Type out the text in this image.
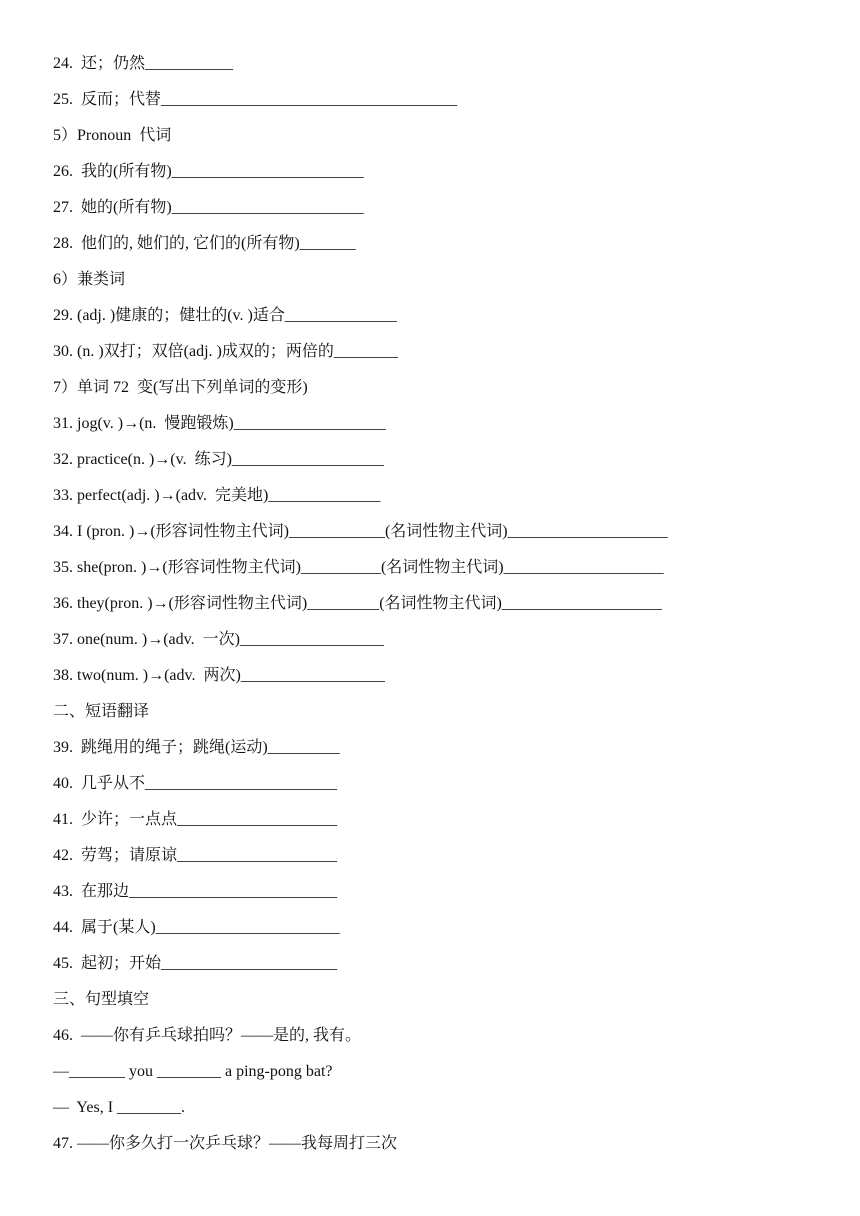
24.  还；仍然___________
25.  反而；代替_____________________________________
5）Pronoun  代词
26.  我的(所有物)________________________
27.  她的(所有物)________________________
28.  他们的, 她们的, 它们的(所有物)_______
6）兼类词
29. (adj. )健康的；健壮的(v. )适合______________
30. (n. )双打；双倍(adj. )成双的；两倍的________
7）单词 72  变(写出下列单词的变形)
31. jog(v. )→(n.  慢跑锻炼)___________________
32. practice(n. )→(v.  练习)___________________
33. perfect(adj. )→(adv.  完美地)______________
34. I (pron. )→(形容词性物主代词)____________(名词性物主代词)____________________
35. she(pron. )→(形容词性物主代词)__________(名词性物主代词)____________________
36. they(pron. )→(形容词性物主代词)_________(名词性物主代词)____________________
37. one(num. )→(adv.  一次)__________________
38. two(num. )→(adv.  两次)__________________
二、短语翻译
39.  跳绳用的绳子；跳绳(运动)_________
40.  几乎从不________________________
41.  少许；一点点____________________
42.  劳驾；请原谅____________________
43.  在那边__________________________
44.  属于(某人)_______________________
45.  起初；开始______________________
三、句型填空
46.  ——你有乒乓球拍吗？——是的, 我有。
—_______ you ________ a ping-pong bat?
—  Yes, I ________.
47. ——你多久打一次乒乓球？——我每周打三次
